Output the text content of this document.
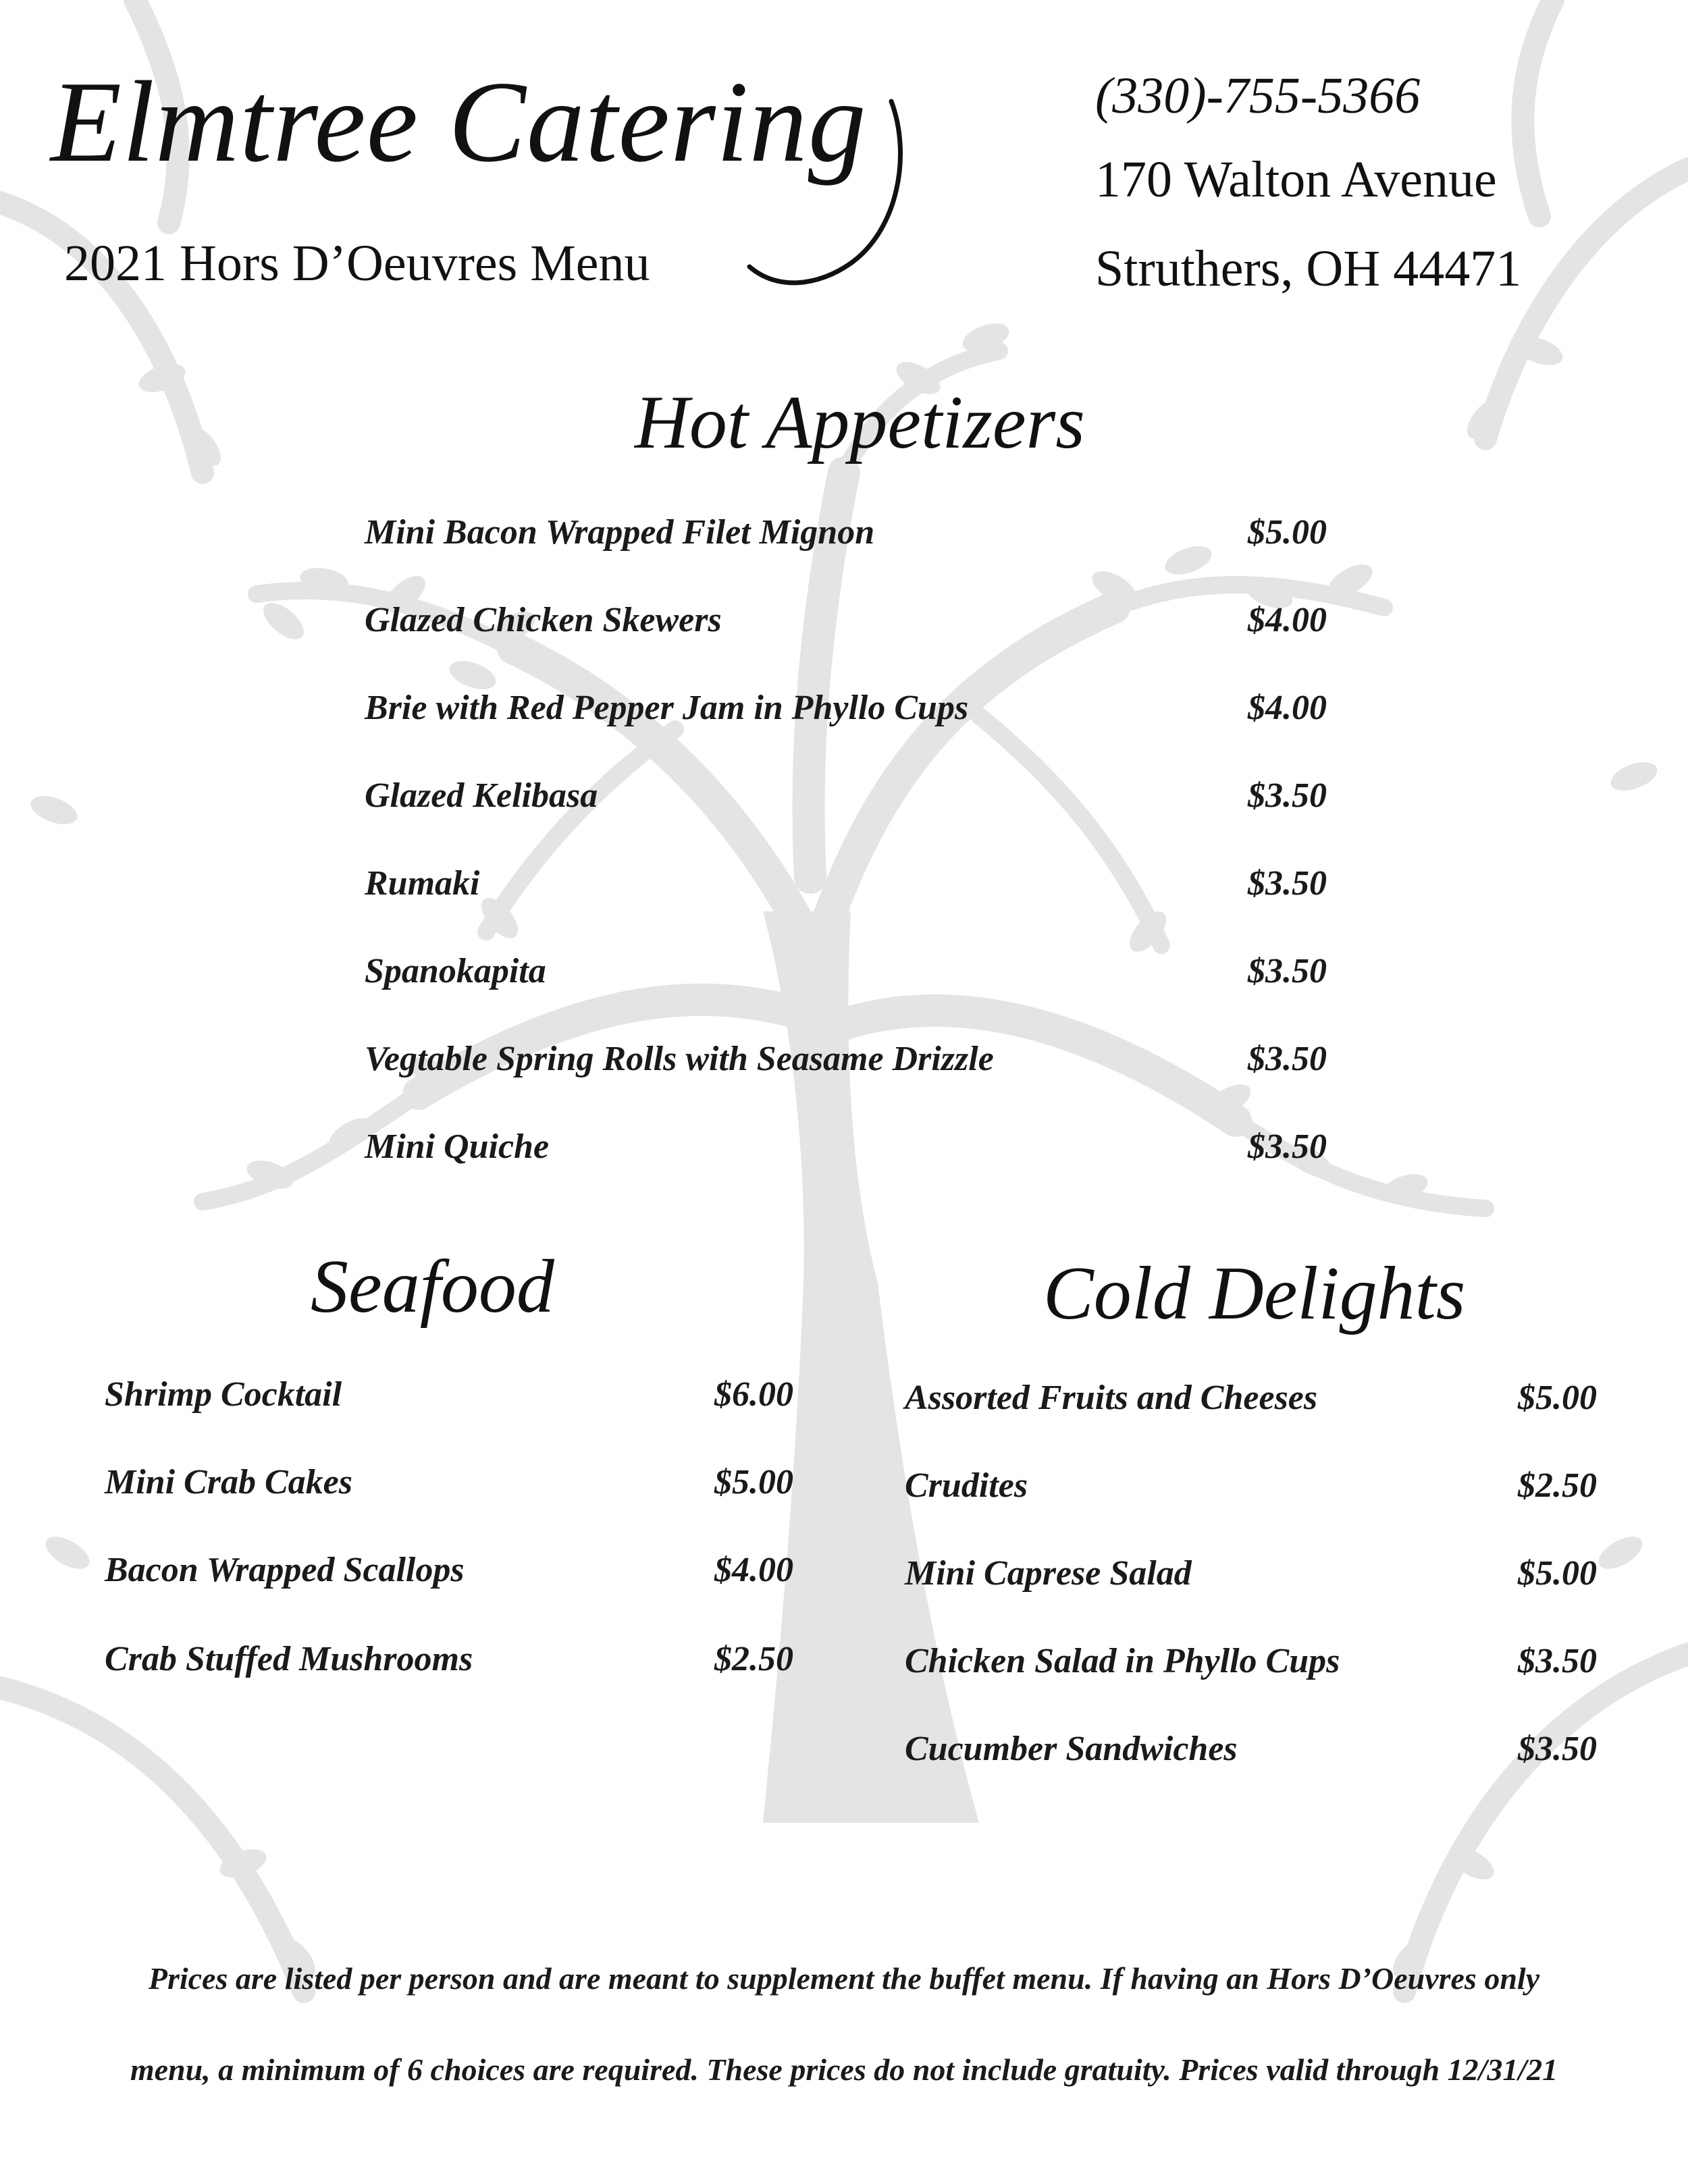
Elmtree Catering
2021 Hors D’Oeuvres Menu
(330)-755-5366
170 Walton Avenue
Struthers, OH 44471
Hot Appetizers
Mini Bacon Wrapped Filet Mignon	$5.00
Glazed Chicken Skewers	$4.00
Brie with Red Pepper Jam in Phyllo Cups	$4.00
Glazed Kelibasa	$3.50
Rumaki	$3.50
Spanokapita	$3.50
Vegtable Spring Rolls with Seasame Drizzle	$3.50
Mini Quiche	$3.50
Seafood	Cold Delights
Shrimp Cocktail	$6.00
Mini Crab Cakes	$5.00
Bacon Wrapped Scallops	$4.00
Crab Stuffed Mushrooms	$2.50
Assorted Fruits and Cheeses	$5.00
Crudites	$2.50
Mini Caprese Salad	$5.00
Chicken Salad in Phyllo Cups	$3.50
Cucumber Sandwiches	$3.50
Prices are listed per person and are meant to supplement the buffet menu. If having an Hors D’Oeuvres only
menu, a minimum of 6 choices are required. These prices do not include gratuity. Prices valid through 12/31/21
